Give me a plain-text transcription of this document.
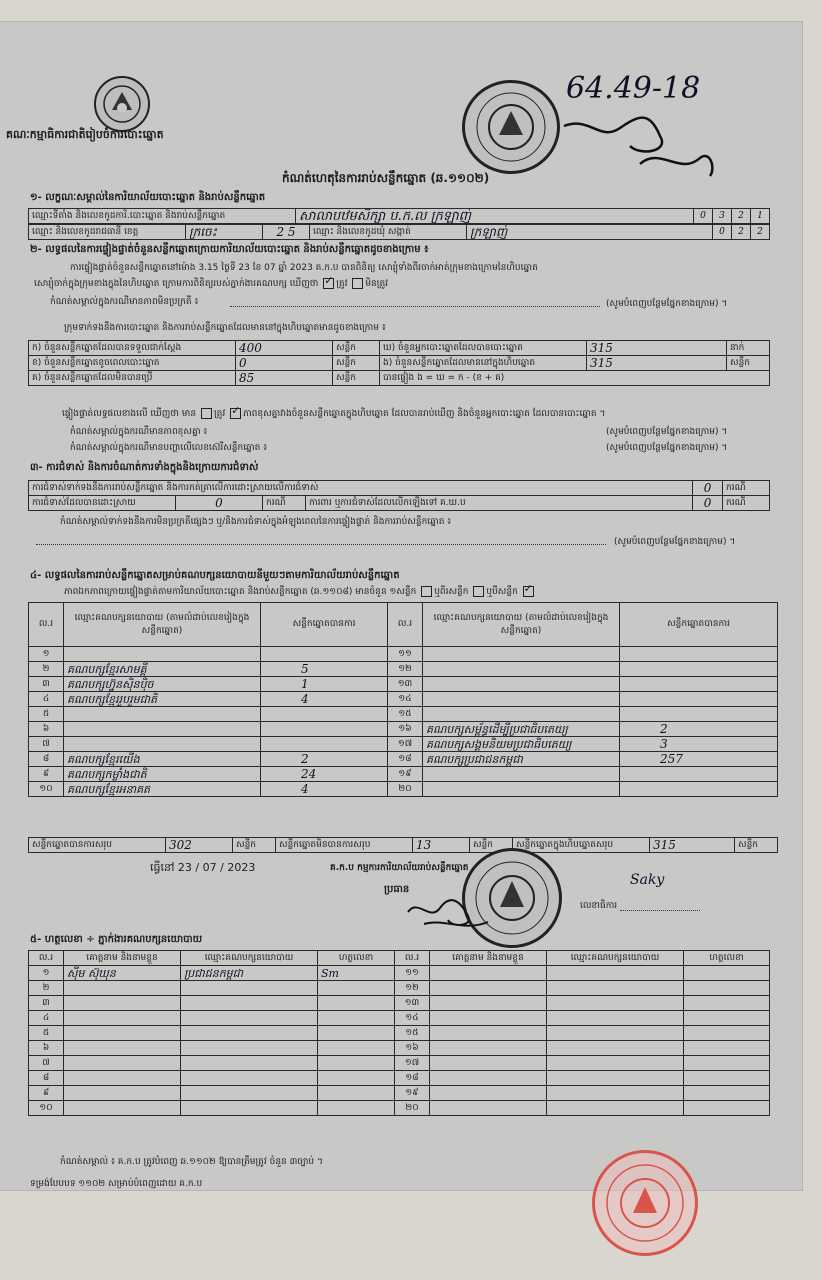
គណៈកម្មាធិការជាតិរៀបចំការបោះឆ្នោត
64.49-18
កំណត់ហេតុនៃការរាប់សន្លឹកឆ្នោត (ឆ.១១០២)
១- លក្ខណៈសម្គាល់នៃការិយាល័យបោះឆ្នោត និងរាប់សន្លឹកឆ្នោត
ឈ្មោះទីតាំង និងលេខកូដការិ.បោះឆ្នោត និងរាប់សន្លឹកឆ្នោត	សាលាបឋមសិក្សា ប.ក.ល ក្រឡាញ់	0	3	2	1
ឈ្មោះ និងលេខកូដរាជធានី ខេត្ត	ក្រចេះ	2 5	ឈ្មោះ និងលេខកូដឃុំ សង្កាត់	ក្រឡាញ់	0	2	2
២- លទ្ធផលនៃការផ្ទៀងផ្ទាត់ចំនួនសន្លឹកឆ្នោតក្រោយការិយាល័យបោះឆ្នោត និងរាប់សន្លឹកឆ្នោតដូចខាងក្រោម ៖
ការផ្ទៀងផ្ទាត់ចំនួនសន្លឹកឆ្នោតនៅម៉ោង 3.15 ថ្ងៃទី 23 ខែ 07 ឆ្នាំ 2023 គ.ក.ប បានពិនិត្យ សោរ្យុំទាំងពីរចាក់អាត់ក្រុមខាងក្រោមនៃហិបឆ្នោត
សោរ្យុំចាក់ក្នុងក្រុមខាងក្នុងនៃហិបឆ្នោត ក្រោមការពិនិត្យរបស់ភ្នាក់ងារគណបក្ស ឃើញថា ✓ ត្រូវ មិនត្រូវ
កំណត់សម្គាល់ក្នុងករណីមានភាពមិនប្រក្រតី ៖	(សូមបំពេញបន្ថែមផ្នែកខាងក្រោម) ។
ក្រុមទាក់ទងនឹងការបោះឆ្នោត និងការរាប់សន្លឹកឆ្នោតដែលមាននៅក្នុងហិបឆ្នោតមានដូចខាងក្រោម ៖
ក) ចំនួនសន្លឹកឆ្នោតដែលបានទទួលជាក់ស្តែង	400	សន្លឹក	ឃ) ចំនួនអ្នកបោះឆ្នោតដែលបានបោះឆ្នោត	315	នាក់
ខ) ចំនួនសន្លឹកឆ្នោតខូចពេលបោះឆ្នោត	0	សន្លឹក	ង) ចំនួនសន្លឹកឆ្នោតដែលមាននៅក្នុងហិបឆ្នោត	315	សន្លឹក
គ) ចំនួនសន្លឹកឆ្នោតដែលមិនបានប្រើ	85	សន្លឹក	បានផ្ទៀង ង = ឃ = ក - (ខ + គ)		
ផ្ទៀងផ្ទាត់លទ្ធផលខាងលើ ឃើញថា មាន ត្រូវ ✓ ភាពខុសគ្នាវាងចំនួនសន្លឹកឆ្នោតក្នុងហិបឆ្នោត ដែលបានរាប់ឃើញ និងចំនួនអ្នកបោះឆ្នោត ដែលបានបោះឆ្នោត ។
កំណត់សម្គាល់ក្នុងករណីមានភាពខុសគ្នា ៖	(សូមបំពេញបន្ថែមផ្នែកខាងក្រោម) ។
កំណត់សម្គាល់ក្នុងករណីមានបញ្ហាលើលេខស៊េរីសន្លឹកឆ្នោត ៖	(សូមបំពេញបន្ថែមផ្នែកខាងក្រោម) ។
៣- ការជំទាស់ និងការចំណាត់ការទាំងក្នុងនិងក្រោយការជំទាស់
ការជំទាស់ទាក់ទងនឹងការរាប់សន្លឹកឆ្នោត និងការកត់ត្រាលើការដោះស្រាយលើការជំទាស់				0	ករណី
ការជំទាស់ដែលបានដោះស្រាយ	0	ករណី	ការពារ ឬការជំទាស់ដែលលើកឡើងទៅ គ.ឃ.ប	0	ករណី
កំណត់សម្គាល់ទាក់ទងនឹងការមិនប្រក្រតីផ្សេងៗ ឬ/និងការជំទាស់ក្នុងអំឡុងពេលនៃការផ្ទៀងផ្ទាត់ និងការរាប់សន្លឹកឆ្នោត ៖
(សូមបំពេញបន្ថែមផ្នែកខាងក្រោម) ។
៤- លទ្ធផលនៃការរាប់សន្លឹកឆ្នោតសម្រាប់គណបក្សនយោបាយនីមួយៗតាមការិយាល័យរាប់សន្លឹកឆ្នោត
ភាពឯកភាពក្រោយផ្ទៀងផ្ទាត់តាមការិយាល័យបោះឆ្នោត និងរាប់សន្លឹកឆ្នោត (ឆ.១១០៨) មានចំនួន ១សន្លឹក ឬពីរសន្លឹក ឬបីសន្លឹក ✓
ល.រ	ឈ្មោះគណបក្សនយោបាយ (តាមលំដាប់លេខរៀងក្នុងសន្លឹកឆ្នោត)	សន្លឹកឆ្នោតបានការ	ល.រ	ឈ្មោះគណបក្សនយោបាយ (តាមលំដាប់លេខរៀងក្នុងសន្លឹកឆ្នោត)	សន្លឹកឆ្នោតបានការ
១			១១		
២	គណបក្សខ្មែរសាមគ្គី	5	១២		
៣	គណបក្សហ្វ៊ុនស៊ិនប៉ិច	1	១៣		
៤	គណបក្សខ្មែររួបរួមជាតិ	4	១៤		
៥			១៥		
៦			១៦	គណបក្សសម្ព័ន្ធដើម្បីប្រជាធិបតេយ្យ	2
៧			១៧	គណបក្សសង្គមនិយមប្រជាធិបតេយ្យ	3
៨	គណបក្សខ្មែរយើង	2	១៨	គណបក្សប្រជាជនកម្ពុជា	257
៩	គណបក្សកម្លាំងជាតិ	24	១៩		
១០	គណបក្សខ្មែរអនាគត	4	២០		
សន្លឹកឆ្នោតបានការសរុប	302	សន្លឹក	សន្លឹកឆ្នោតមិនបានការសរុប	13	សន្លឹក	សន្លឹកឆ្នោតក្នុងហិបឆ្នោតសរុប	315	សន្លឹក
ធ្វើនៅ 23 / 07 / 2023	គ.ក.ប កម្មការការិយាល័យរាប់សន្លឹកឆ្នោត
ប្រធាន
Saky
លេខាធិការ
៥- ហត្ថលេខា ÷ ភ្នាក់ងារគណបក្សនយោបាយ
ល.រ	គោត្តនាម និងនាមខ្លួន	ឈ្មោះគណបក្សនយោបាយ	ហត្ថលេខា	ល.រ	គោត្តនាម និងនាមខ្លួន	ឈ្មោះគណបក្សនយោបាយ	ហត្ថលេខា
១	ស៊ីម ស៊ុឃុន	ប្រជាជនកម្ពុជា	Sm	១១			
២				១២			
៣				១៣			
៤				១៤			
៥				១៥			
៦				១៦			
៧				១៧			
៨				១៨			
៩				១៩			
១០				២០			
កំណត់សម្គាល់ ៖ គ.ក.ប ត្រូវបំពេញ ឆ.១១០២ ឱ្យបានត្រឹមត្រូវ ចំនួន ៣ច្បាប់ ។
ទម្រង់បែបបទ ១១០២ សម្រាប់បំពេញដោយ គ.ក.ប
